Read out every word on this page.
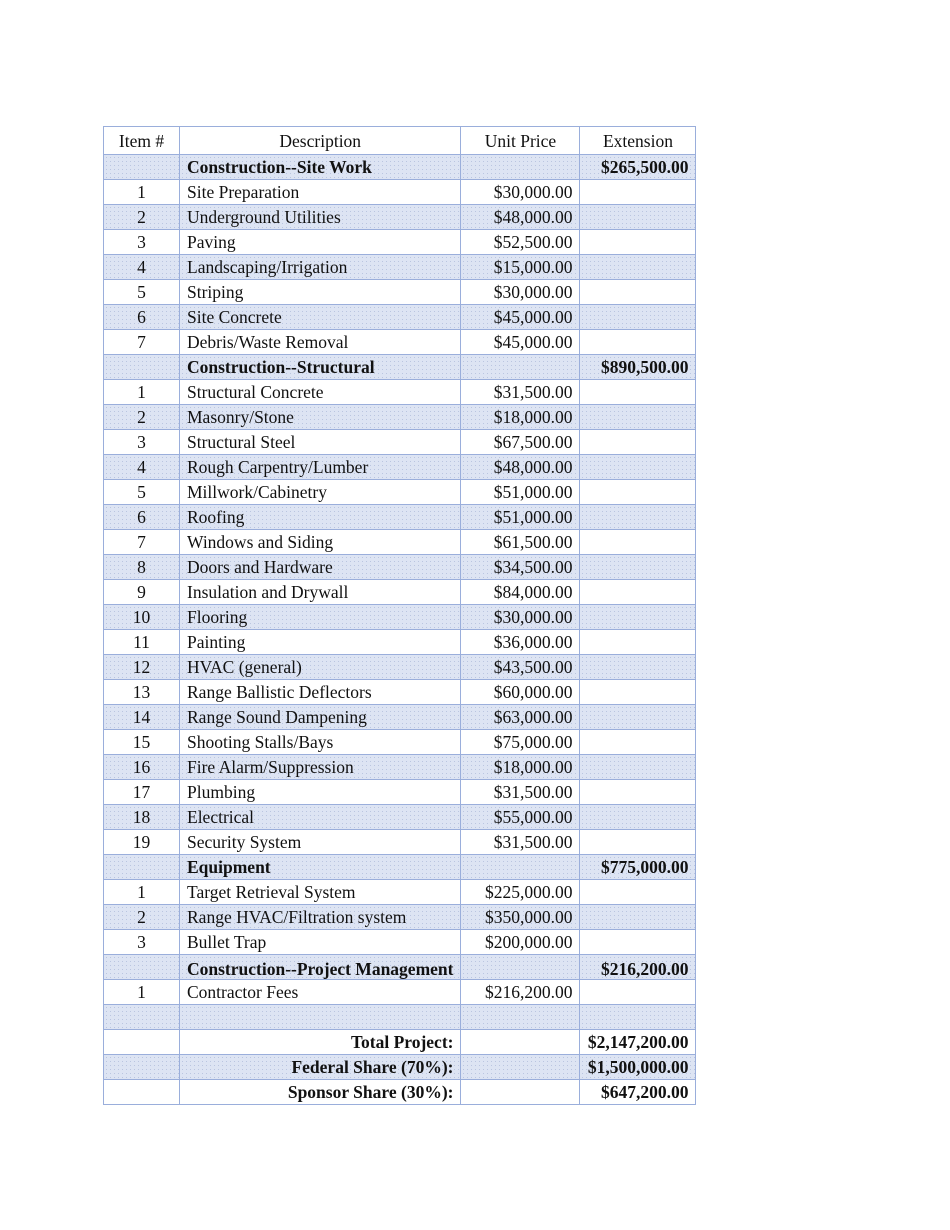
Item #	Description	Unit Price	Extension
	Construction--Site Work		$265,500.00
1	Site Preparation	$30,000.00	
2	Underground Utilities	$48,000.00	
3	Paving	$52,500.00	
4	Landscaping/Irrigation	$15,000.00	
5	Striping	$30,000.00	
6	Site Concrete	$45,000.00	
7	Debris/Waste Removal	$45,000.00	
	Construction--Structural		$890,500.00
1	Structural Concrete	$31,500.00	
2	Masonry/Stone	$18,000.00	
3	Structural Steel	$67,500.00	
4	Rough Carpentry/Lumber	$48,000.00	
5	Millwork/Cabinetry	$51,000.00	
6	Roofing	$51,000.00	
7	Windows and Siding	$61,500.00	
8	Doors and Hardware	$34,500.00	
9	Insulation and Drywall	$84,000.00	
10	Flooring	$30,000.00	
11	Painting	$36,000.00	
12	HVAC (general)	$43,500.00	
13	Range Ballistic Deflectors	$60,000.00	
14	Range Sound Dampening	$63,000.00	
15	Shooting Stalls/Bays	$75,000.00	
16	Fire Alarm/Suppression	$18,000.00	
17	Plumbing	$31,500.00	
18	Electrical	$55,000.00	
19	Security System	$31,500.00	
	Equipment		$775,000.00
1	Target Retrieval System	$225,000.00	
2	Range HVAC/Filtration system	$350,000.00	
3	Bullet Trap	$200,000.00	
	Construction--Project Management		$216,200.00
1	Contractor Fees	$216,200.00	

	Total Project:		$2,147,200.00
	Federal Share (70%):		$1,500,000.00
	Sponsor Share (30%):		$647,200.00
